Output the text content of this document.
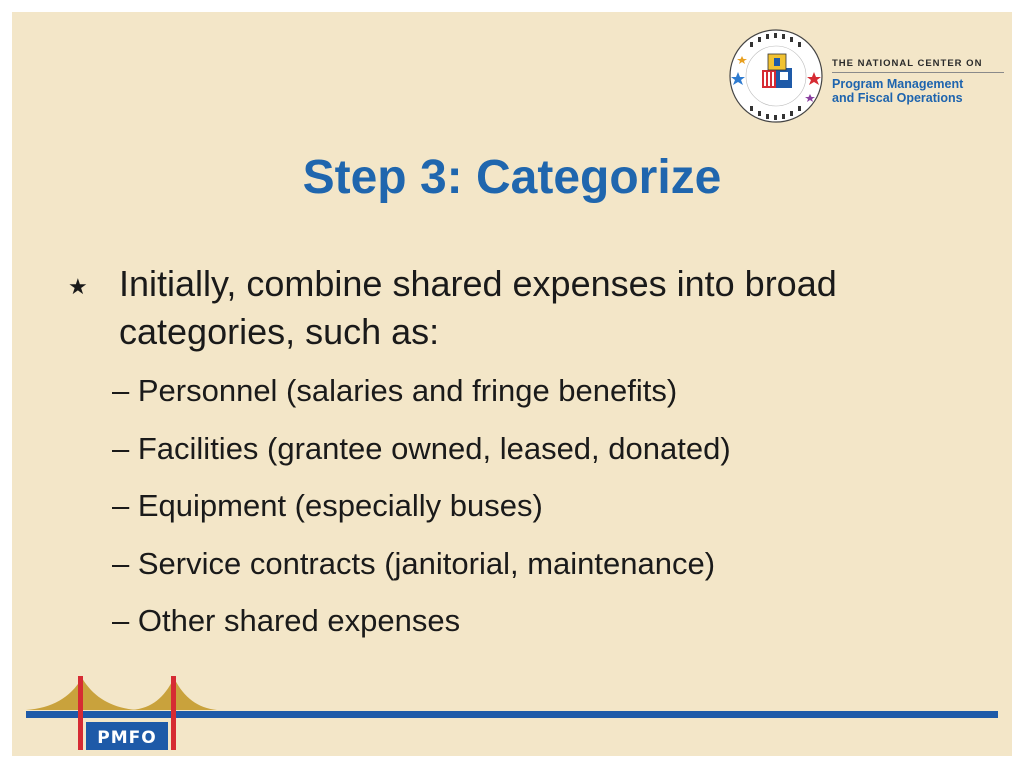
THE NATIONAL CENTER ON
Program Management
and Fiscal Operations
Step 3: Categorize
★ Initially, combine shared expenses into broad categories, such as:
– Personnel (salaries and fringe benefits)
– Facilities (grantee owned, leased, donated)
– Equipment (especially buses)
– Service contracts (janitorial, maintenance)
– Other shared expenses
PMFO
